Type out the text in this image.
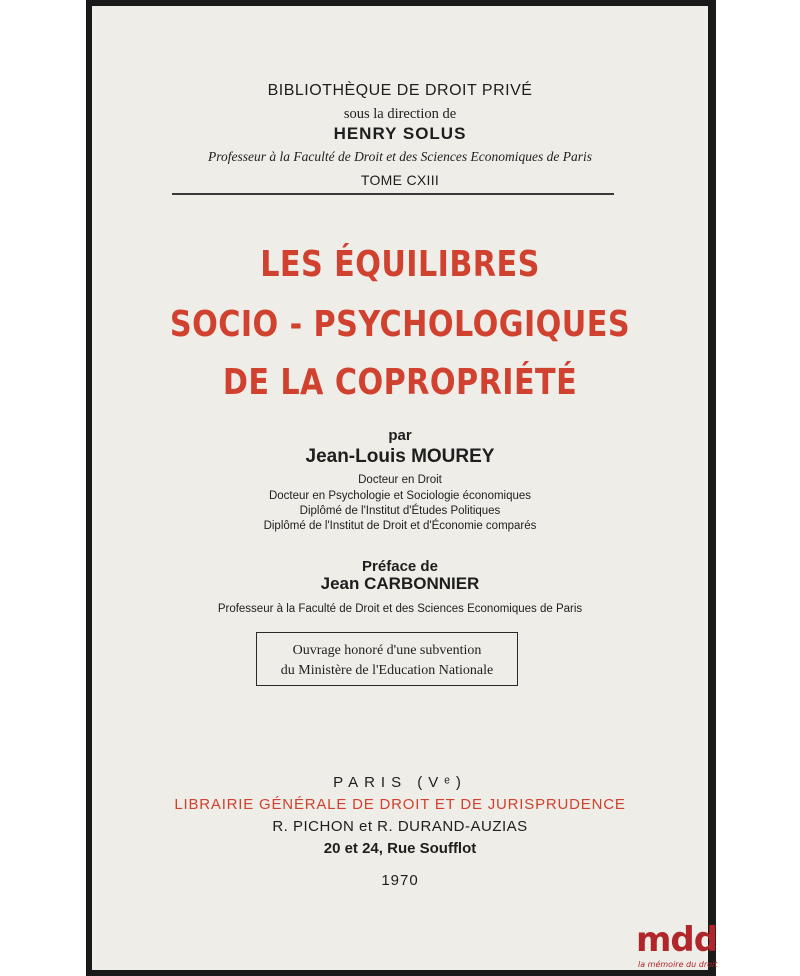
BIBLIOTHÈQUE DE DROIT PRIVÉ
sous la direction de
HENRY SOLUS
Professeur à la Faculté de Droit et des Sciences Economiques de Paris
TOME CXIII
LES ÉQUILIBRES
SOCIO - PSYCHOLOGIQUES
DE LA COPROPRIÉTÉ
par
Jean-Louis MOUREY
Docteur en Droit
Docteur en Psychologie et Sociologie économiques
Diplômé de l'Institut d'Études Politiques
Diplômé de l'Institut de Droit et d'Économie comparés
Préface de
Jean CARBONNIER
Professeur à la Faculté de Droit et des Sciences Economiques de Paris
Ouvrage honoré d'une subvention
du Ministère de l'Education Nationale
PARIS (Vᵉ)
LIBRAIRIE GÉNÉRALE DE DROIT ET DE JURISPRUDENCE
R. PICHON et R. DURAND-AUZIAS
20 et 24, Rue Soufflot
1970
mdd
la mémoire du droit
